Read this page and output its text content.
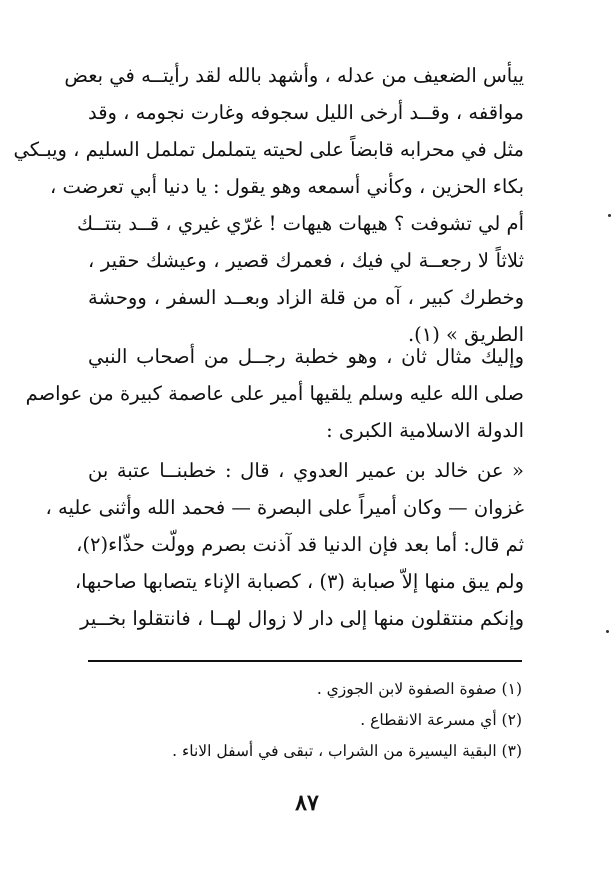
ييأس الضعيف من عدله ، وأشهد بالله لقد رأيتــه في بعض
مواقفه ، وقــد أرخى الليل سجوفه وغارت نجومه ، وقد
مثل في محرابه قابضاً على لحيته يتململ تململ السليم ، ويبـكي
بكاء الحزين ، وكأني أسمعه وهو يقول : يا دنيا أبي تعرضت ،
أم لي تشوفت ؟ هيهات هيهات ! غرّي غيري ، قــد بتتــك
ثلاثاً لا رجعــة لي فيك ، فعمرك قصير ، وعيشك حقير ،
وخطرك كبير ، آه من قلة الزاد وبعــد السفر ، ووحشة
الطريق » (١).
وإليك مثال ثان ، وهو خطبة رجــل من أصحاب النبي
صلى الله عليه وسلم يلقيها أمير على عاصمة كبيرة من عواصم
الدولة الاسلامية الكبرى :
« عن خالد بن عمير العدوي ، قال : خطبنــا عتبة بن
غزوان — وكان أميراً على البصرة — فحمد الله وأثنى عليه ،
ثم قال: أما بعد فإن الدنيا قد آذنت بصرم وولّت حذّاء(٢)،
ولم يبق منها إلاّ صبابة (٣) ، كصبابة الإناء يتصابها صاحبها،
وإنكم منتقلون منها إلى دار لا زوال لهــا ، فانتقلوا بخــير
(١) صفوة الصفوة لابن الجوزي .
(٢) أي مسرعة الانقطاع .
(٣) البقية اليسيرة من الشراب ، تبقى في أسفل الاناء .
٨٧
